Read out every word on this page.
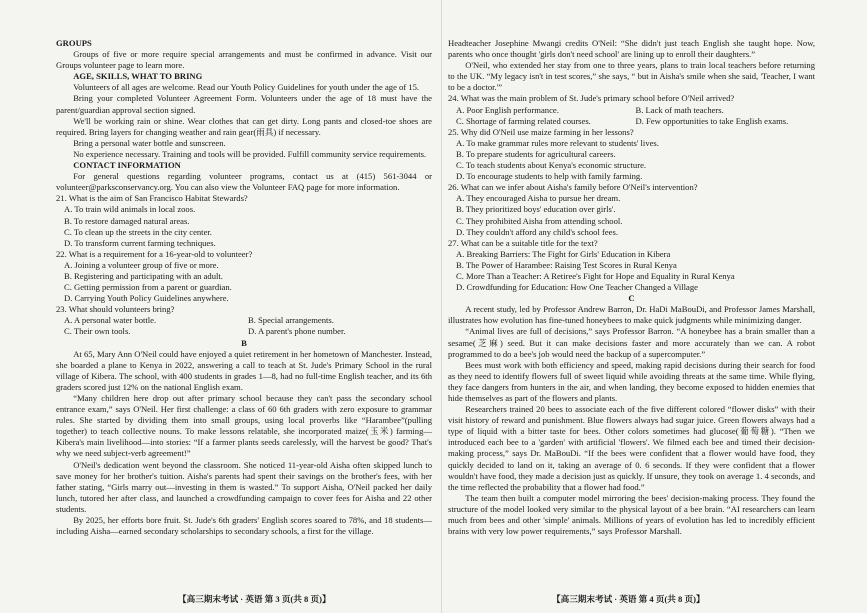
GROUPS

Groups of five or more require special arrangements and must be confirmed in advance. Visit our Groups volunteer page to learn more.

AGE, SKILLS, WHAT TO BRING

Volunteers of all ages are welcome. Read our Youth Policy Guidelines for youth under the age of 15.

Bring your completed Volunteer Agreement Form. Volunteers under the age of 18 must have the parent/guardian approval section signed.

We'll be working rain or shine. Wear clothes that can get dirty. Long pants and closed-toe shoes are required. Bring layers for changing weather and rain gear(雨具) if necessary.

Bring a personal water bottle and sunscreen.

No experience necessary. Training and tools will be provided. Fulfill community service requirements.

CONTACT INFORMATION

For general questions regarding volunteer programs, contact us at (415) 561-3044 or volunteer@parksconservancy.org. You can also view the Volunteer FAQ page for more information.

21. What is the aim of San Francisco Habitat Stewards?

A. To train wild animals in local zoos.

B. To restore damaged natural areas.

C. To clean up the streets in the city center.

D. To transform current farming techniques.

22. What is a requirement for a 16-year-old to volunteer?

A. Joining a volunteer group of five or more.

B. Registering and participating with an adult.

C. Getting permission from a parent or guardian.

D. Carrying Youth Policy Guidelines anywhere.

23. What should volunteers bring?

A. A personal water bottle.	B. Special arrangements.

C. Their own tools.	D. A parent's phone number.

B

At 65, Mary Ann O'Neil could have enjoyed a quiet retirement in her hometown of Manchester. Instead, she boarded a plane to Kenya in 2022, answering a call to teach at St. Jude's Primary School in the rural village of Kibera. The school, with 400 students in grades 1—8, had no full-time English teacher, and its 6th graders scored just 12% on the national English exam.

“Many children here drop out after primary school because they can't pass the secondary school entrance exam,” says O'Neil. Her first challenge: a class of 60 6th graders with zero exposure to grammar rules. She started by dividing them into small groups, using local proverbs like “Harambee”(pulling together) to teach collective nouns. To make lessons relatable, she incorporated maize(玉米) farming—Kibera's main livelihood—into stories: “If a farmer plants seeds carelessly, will the harvest be good? That's why we need subject-verb agreement!”

O'Neil's dedication went beyond the classroom. She noticed 11-year-old Aisha often skipped lunch to save money for her brother's tuition. Aisha's parents had spent their savings on the brother's fees, with her father stating, “Girls marry out—investing in them is wasted.” To support Aisha, O'Neil packed her daily lunch, tutored her after class, and launched a crowdfunding campaign to cover fees for Aisha and 22 other students.

By 2025, her efforts bore fruit. St. Jude's 6th graders' English scores soared to 78%, and 18 students—including Aisha—earned secondary scholarships to secondary schools, a first for the village.

Headteacher Josephine Mwangi credits O'Neil: “She didn't just teach English she taught hope. Now, parents who once thought 'girls don't need school' are lining up to enroll their daughters.”

O'Neil, who extended her stay from one to three years, plans to train local teachers before returning to the UK. “My legacy isn't in test scores,” she says, “ but in Aisha's smile when she said, 'Teacher, I want to be a doctor.'”

24. What was the main problem of St. Jude's primary school before O'Neil arrived?

A. Poor English performance.	B. Lack of math teachers.

C. Shortage of farming related courses.	D. Few opportunities to take English exams.

25. Why did O'Neil use maize farming in her lessons?

A. To make grammar rules more relevant to students' lives.

B. To prepare students for agricultural careers.

C. To teach students about Kenya's economic structure.

D. To encourage students to help with family farming.

26. What can we infer about Aisha's family before O'Neil's intervention?

A. They encouraged Aisha to pursue her dream.

B. They prioritized boys' education over girls'.

C. They prohibited Aisha from attending school.

D. They couldn't afford any child's school fees.

27. What can be a suitable title for the text?

A. Breaking Barriers: The Fight for Girls' Education in Kibera

B. The Power of Harambee: Raising Test Scores in Rural Kenya

C. More Than a Teacher: A Retiree's Fight for Hope and Equality in Rural Kenya

D. Crowdfunding for Education: How One Teacher Changed a Village

C

A recent study, led by Professor Andrew Barron, Dr. HaDi MaBouDi, and Professor James Marshall, illustrates how evolution has fine-tuned honeybees to make quick judgments while minimizing danger.

“Animal lives are full of decisions,” says Professor Barron. “A honeybee has a brain smaller than a sesame(芝麻) seed. But it can make decisions faster and more accurately than we can. A robot programmed to do a bee's job would need the backup of a supercomputer.”

Bees must work with both efficiency and speed, making rapid decisions during their search for food as they need to identify flowers full of sweet liquid while avoiding threats at the same time. While flying, they face dangers from hunters in the air, and when landing, they become exposed to hidden enemies that hide themselves as part of the flowers and plants.

Researchers trained 20 bees to associate each of the five different colored “flower disks” with their visit history of reward and punishment. Blue flowers always had sugar juice. Green flowers always had a type of liquid with a bitter taste for bees. Other colors sometimes had glucose(葡萄糖). “Then we introduced each bee to a 'garden' with artificial 'flowers'. We filmed each bee and timed their decision-making process,” says Dr. MaBouDi. “If the bees were confident that a flower would have food, they quickly decided to land on it, taking an average of 0. 6 seconds. If they were confident that a flower wouldn't have food, they made a decision just as quickly. If unsure, they took on average 1. 4 seconds, and the time reflected the probability that a flower had food.”

The team then built a computer model mirroring the bees' decision-making process. They found the structure of the model looked very similar to the physical layout of a bee brain. “AI researchers can learn much from bees and other 'simple' animals. Millions of years of evolution has led to incredibly efficient brains with very low power requirements,” says Professor Marshall.

【高三期末考试 · 英语 第 3 页(共 8 页)】	【高三期末考试 · 英语 第 4 页(共 8 页)】
